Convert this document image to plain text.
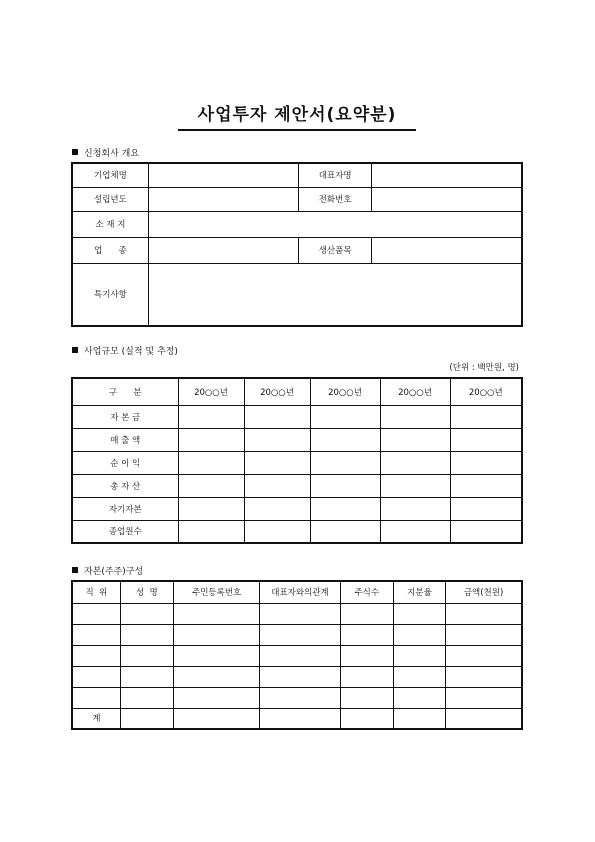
사업투자 제안서(요약분)
신청회사 개요
기업체명		대표자명	
설립년도		전화번호	
소 재 지			
업      종		생산품목	
특기사항			
사업규모 (실적 및 추정)
(단위 : 백만원, 명)
구      분	20○○년	20○○년	20○○년	20○○년	20○○년
자 본 금					
매 출 액					
순 이 익					
총 자 산					
자기자본					
종업원수					
자본(주주)구성
직  위	성  명	주민등록번호	대표자와의관계	주식수	지분율	금액(천원)

계						
